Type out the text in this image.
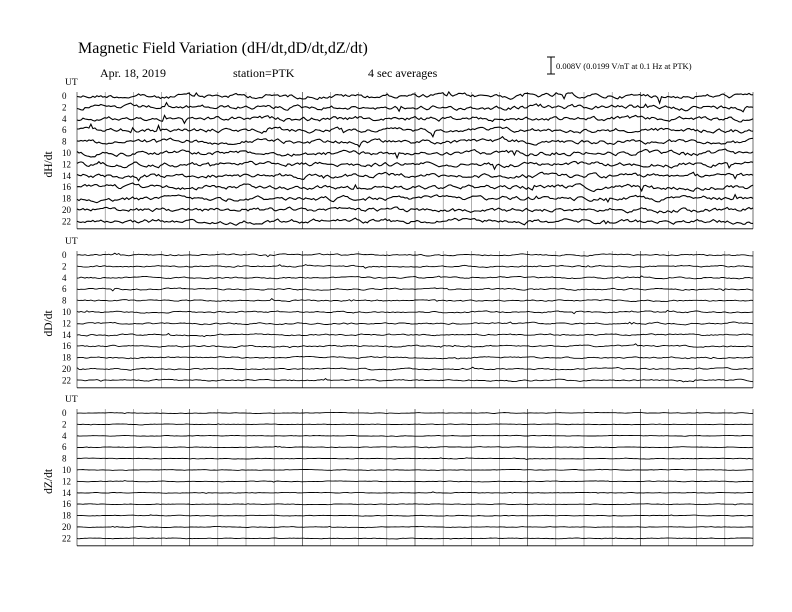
Magnetic Field Variation (dH/dt,dD/dt,dZ/dt)
Apr. 18, 2019	station=PTK	4 sec averages	0.008V (0.0199 V/nT at 0.1 Hz at PTK)
UT
dH/dt
0
2
4
6
8
10
12
14
16
18
20
22
UT
dD/dt
0
2
4
6
8
10
12
14
16
18
20
22
UT
dZ/dt
0
2
4
6
8
10
12
14
16
18
20
22
